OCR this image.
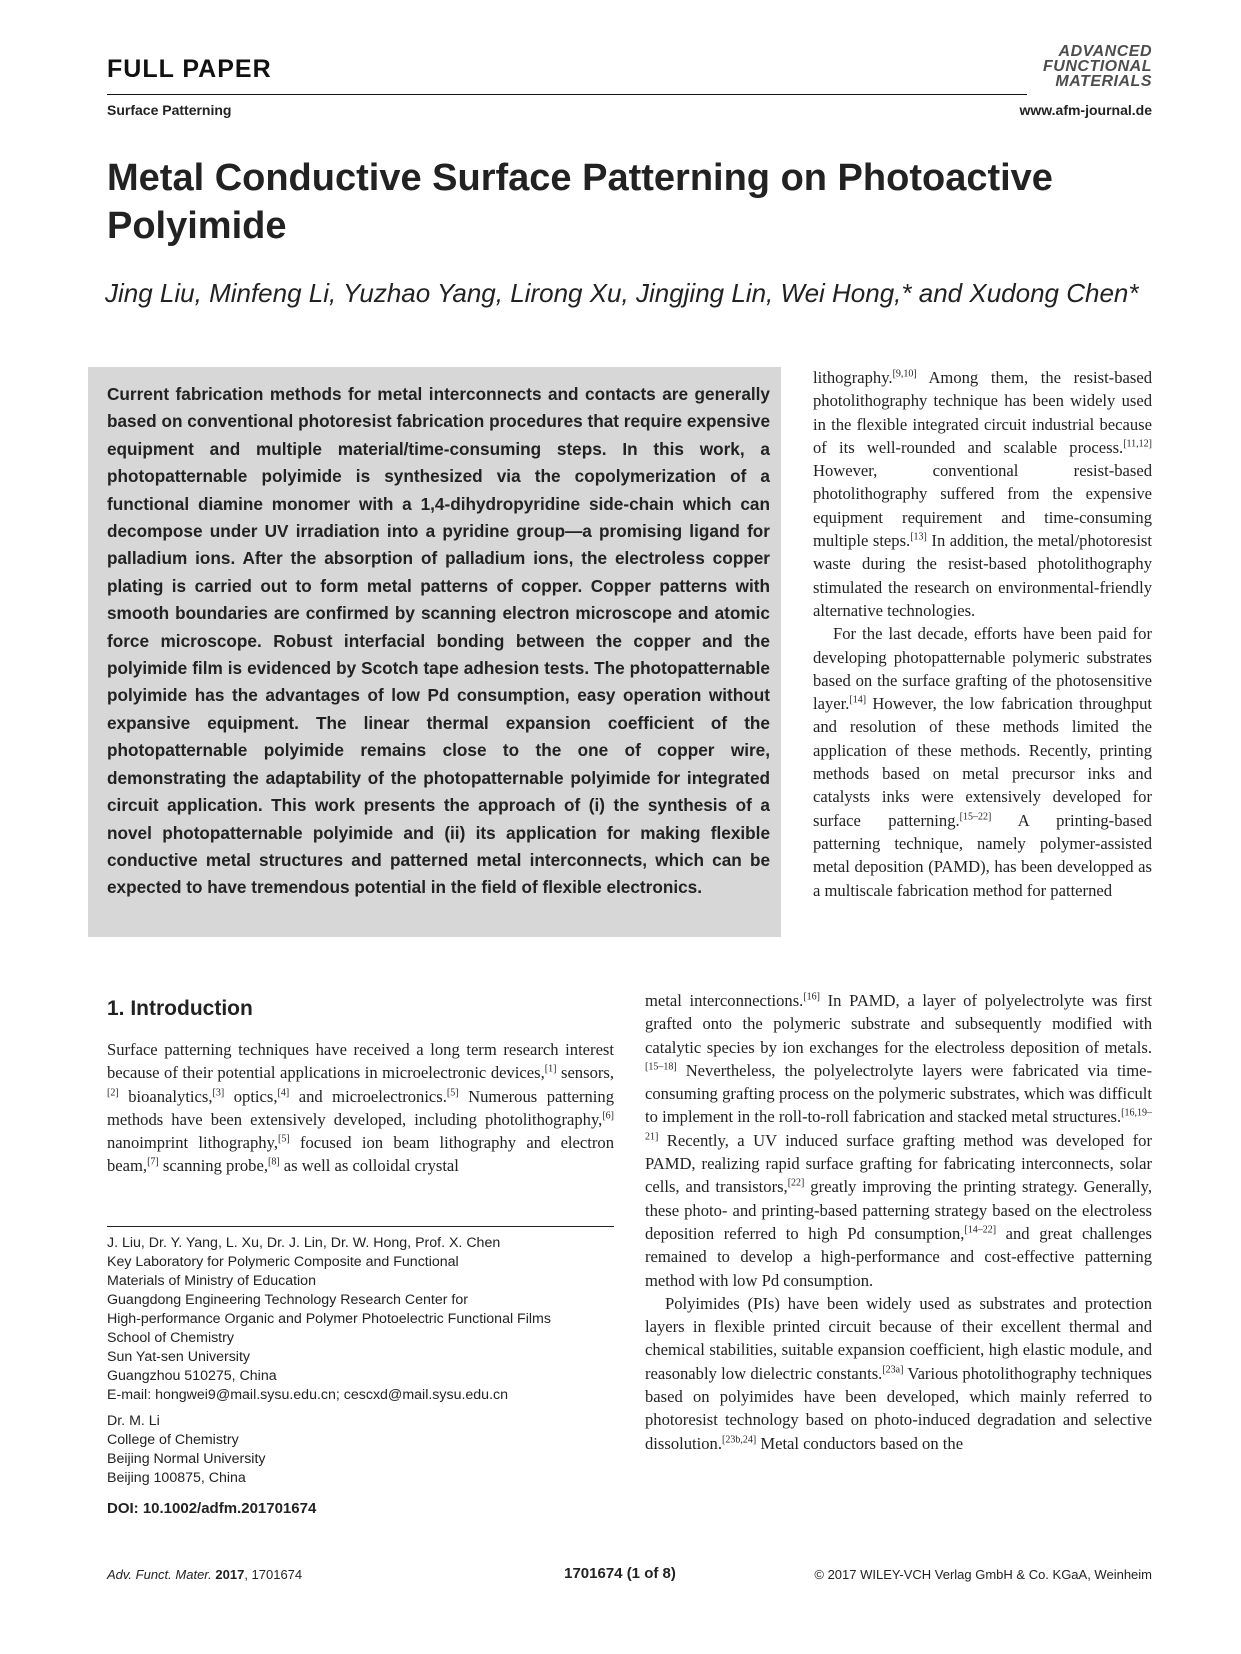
FULL PAPER
Surface Patterning
ADVANCED
FUNCTIONAL
MATERIALS
www.afm-journal.de
Metal Conductive Surface Patterning on Photoactive Polyimide
Jing Liu, Minfeng Li, Yuzhao Yang, Lirong Xu, Jingjing Lin, Wei Hong,* and Xudong Chen*

Current fabrication methods for metal interconnects and contacts are generally based on conventional photoresist fabrication procedures that require expensive equipment and multiple material/time-consuming steps. In this work, a photopatternable polyimide is synthesized via the copolymerization of a functional diamine monomer with a 1,4-dihydropyridine side-chain which can decompose under UV irradiation into a pyridine group—a promising ligand for palladium ions. After the absorption of palladium ions, the electroless copper plating is carried out to form metal patterns of copper. Copper patterns with smooth boundaries are confirmed by scanning electron microscope and atomic force microscope. Robust interfacial bonding between the copper and the polyimide film is evidenced by Scotch tape adhesion tests. The photopatternable polyimide has the advantages of low Pd consumption, easy operation without expansive equipment. The linear thermal expansion coefficient of the photopatternable polyimide remains close to the one of copper wire, demonstrating the adaptability of the photopatternable polyimide for integrated circuit application. This work presents the approach of (i) the synthesis of a novel photopatternable polyimide and (ii) its application for making flexible conductive metal structures and patterned metal interconnects, which can be expected to have tremendous potential in the field of flexible electronics.

lithography.[9,10] Among them, the resist-based photolithography technique has been widely used in the flexible integrated circuit industrial because of its well-rounded and scalable process.[11,12] However, conventional resist-based photolithography suffered from the expensive equipment requirement and time-consuming multiple steps.[13] In addition, the metal/photoresist waste during the resist-based photolithography stimulated the research on environmental-friendly alternative technologies.
For the last decade, efforts have been paid for developing photopatternable polymeric substrates based on the surface grafting of the photosensitive layer.[14] However, the low fabrication throughput and resolution of these methods limited the application of these methods. Recently, printing methods based on metal precursor inks and catalysts inks were extensively developed for surface patterning.[15–22] A printing-based patterning technique, namely polymer-assisted metal deposition (PAMD), has been developped as a multiscale fabrication method for patterned
1. Introduction
Surface patterning techniques have received a long term research interest because of their potential applications in microelectronic devices,[1] sensors,[2] bioanalytics,[3] optics,[4] and microelectronics.[5] Numerous patterning methods have been extensively developed, including photolithography,[6] nanoimprint lithography,[5] focused ion beam lithography and electron beam,[7] scanning probe,[8] as well as colloidal crystal
metal interconnections.[16] In PAMD, a layer of polyelectrolyte was first grafted onto the polymeric substrate and subsequently modified with catalytic species by ion exchanges for the electroless deposition of metals.[15–18] Nevertheless, the polyelectrolyte layers were fabricated via time-consuming grafting process on the polymeric substrates, which was difficult to implement in the roll-to-roll fabrication and stacked metal structures.[16,19–21] Recently, a UV induced surface grafting method was developed for PAMD, realizing rapid surface grafting for fabricating interconnects, solar cells, and transistors,[22] greatly improving the printing strategy. Generally, these photo- and printing-based patterning strategy based on the electroless deposition referred to high Pd consumption,[14–22] and great challenges remained to develop a high-performance and cost-effective patterning method with low Pd consumption.
Polyimides (PIs) have been widely used as substrates and protection layers in flexible printed circuit because of their excellent thermal and chemical stabilities, suitable expansion coefficient, high elastic module, and reasonably low dielectric constants.[23a] Various photolithography techniques based on polyimides have been developed, which mainly referred to photoresist technology based on photo-induced degradation and selective dissolution.[23b,24] Metal conductors based on the
J. Liu, Dr. Y. Yang, L. Xu, Dr. J. Lin, Dr. W. Hong, Prof. X. Chen
Key Laboratory for Polymeric Composite and Functional
Materials of Ministry of Education
Guangdong Engineering Technology Research Center for
High-performance Organic and Polymer Photoelectric Functional Films
School of Chemistry
Sun Yat-sen University
Guangzhou 510275, China
E-mail: hongwei9@mail.sysu.edu.cn; cescxd@mail.sysu.edu.cn
Dr. M. Li
College of Chemistry
Beijing Normal University
Beijing 100875, China
DOI: 10.1002/adfm.201701674
Adv. Funct. Mater. 2017, 1701674	1701674 (1 of 8)	© 2017 WILEY-VCH Verlag GmbH & Co. KGaA, Weinheim
